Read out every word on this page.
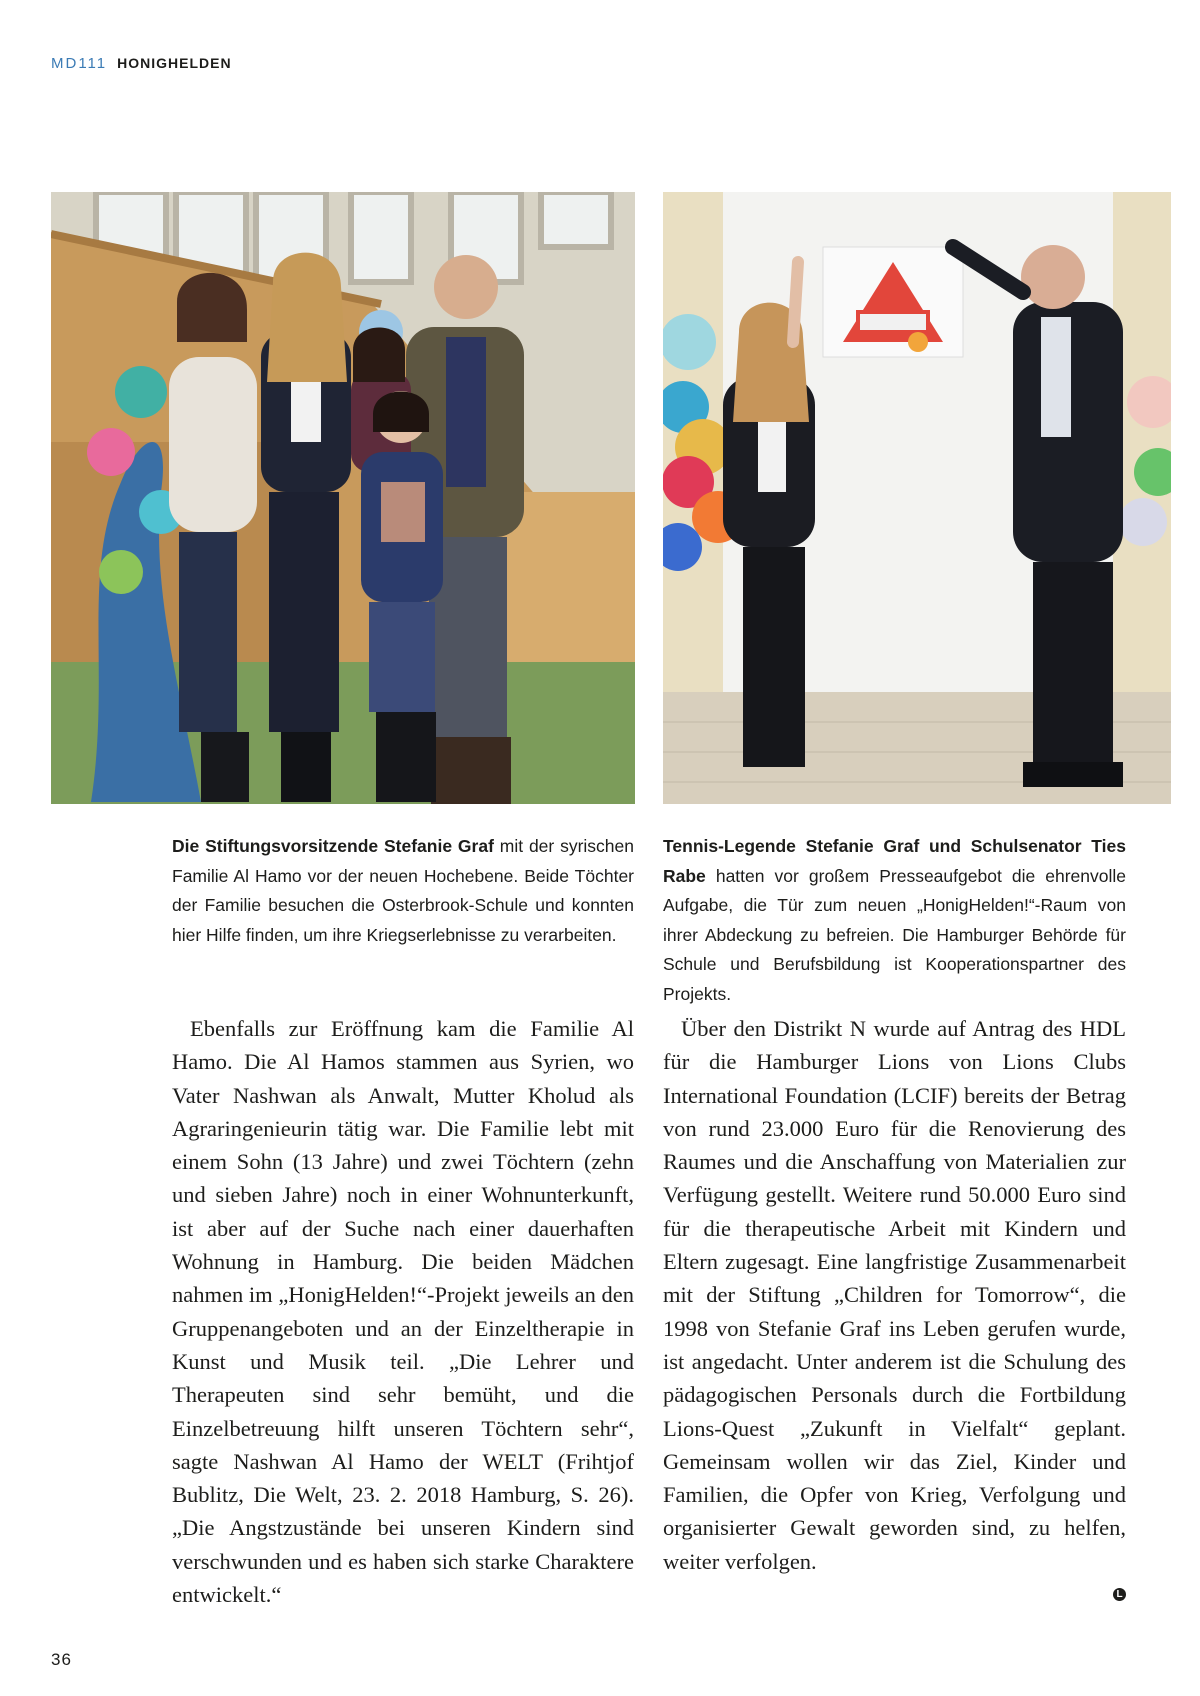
MD111 HONIGHELDEN
Die Stiftungsvorsitzende Stefanie Graf mit der syrischen Familie Al Hamo vor der neuen Hochebene. Beide Töchter der Familie besuchen die Osterbrook-Schule und konnten hier Hilfe finden, um ihre Kriegserlebnisse zu verarbeiten.
Tennis-Legende Stefanie Graf und Schulsenator Ties Rabe hatten vor großem Presseaufgebot die ehrenvolle Aufgabe, die Tür zum neuen „HonigHelden!“-Raum von ihrer Abdeckung zu befreien. Die Hamburger Behörde für Schule und Berufsbildung ist Kooperationspartner des Projekts.

Ebenfalls zur Eröffnung kam die Familie Al Hamo. Die Al Hamos stammen aus Syrien, wo Vater Nashwan als Anwalt, Mutter Kholud als Agraringenieurin tätig war. Die Familie lebt mit einem Sohn (13 Jahre) und zwei Töchtern (zehn und sieben Jahre) noch in einer Wohnunterkunft, ist aber auf der Suche nach einer dauerhaften Wohnung in Hamburg. Die beiden Mädchen nahmen im „HonigHelden!“-Projekt jeweils an den Gruppenangeboten und an der Einzeltherapie in Kunst und Musik teil. „Die Lehrer und Therapeuten sind sehr bemüht, und die Einzelbetreuung hilft unseren Töchtern sehr“, sagte Nashwan Al Hamo der WELT (Frihtjof Bublitz, Die Welt, 23. 2. 2018 Hamburg, S. 26). „Die Angstzustände bei unseren Kindern sind verschwunden und es haben sich starke Charaktere entwickelt.“

Über den Distrikt N wurde auf Antrag des HDL für die Hamburger Lions von Lions Clubs International Foundation (LCIF) bereits der Betrag von rund 23.000 Euro für die Renovierung des Raumes und die Anschaffung von Materialien zur Verfügung gestellt. Weitere rund 50.000 Euro sind für die therapeutische Arbeit mit Kindern und Eltern zugesagt. Eine langfristige Zusammenarbeit mit der Stiftung „Children for Tomorrow“, die 1998 von Stefanie Graf ins Leben gerufen wurde, ist angedacht. Unter anderem ist die Schulung des pädagogischen Personals durch die Fortbildung Lions-Quest „Zukunft in Vielfalt“ geplant. Gemeinsam wollen wir das Ziel, Kinder und Familien, die Opfer von Krieg, Verfolgung und organisierter Gewalt geworden sind, zu helfen, weiter verfolgen.

L
36
